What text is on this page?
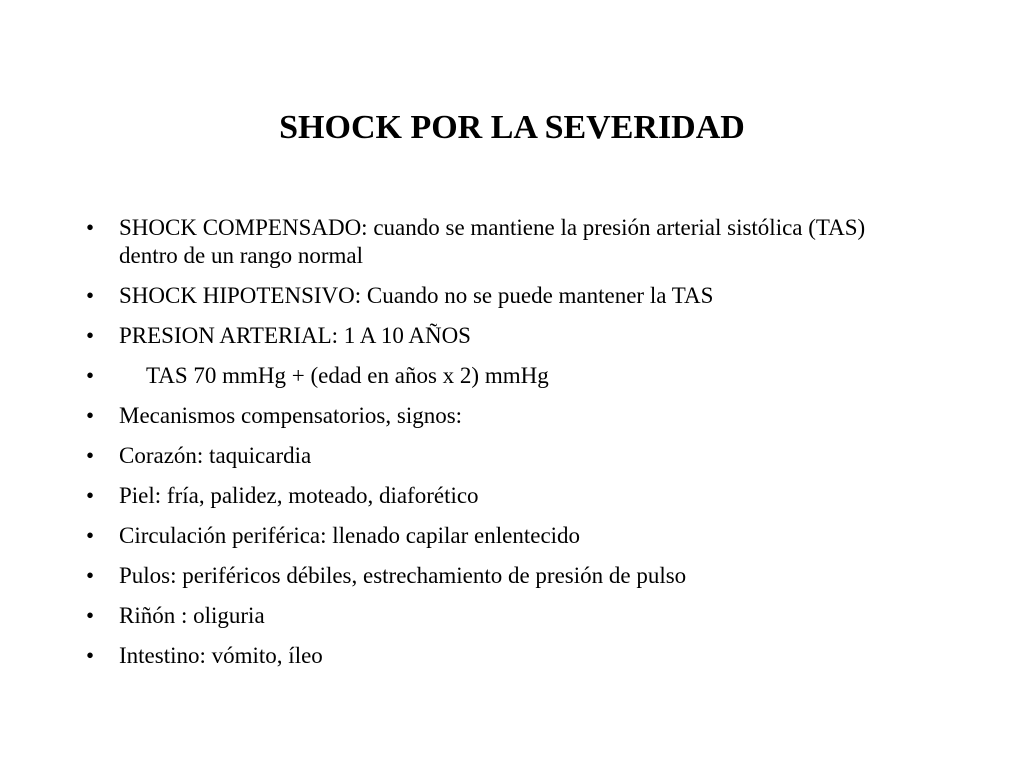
SHOCK POR LA SEVERIDAD
•	SHOCK COMPENSADO: cuando se mantiene la presión arterial sistólica (TAS) dentro de un rango normal
•	SHOCK HIPOTENSIVO: Cuando no se puede mantener la TAS
•	PRESION ARTERIAL: 1 A 10 AÑOS
•	TAS 70 mmHg + (edad en años x 2) mmHg
•	Mecanismos compensatorios, signos:
•	Corazón: taquicardia
•	Piel: fría, palidez, moteado, diaforético
•	Circulación periférica: llenado capilar enlentecido
•	Pulos: periféricos débiles, estrechamiento de presión de pulso
•	Riñón : oliguria
•	Intestino: vómito, íleo
